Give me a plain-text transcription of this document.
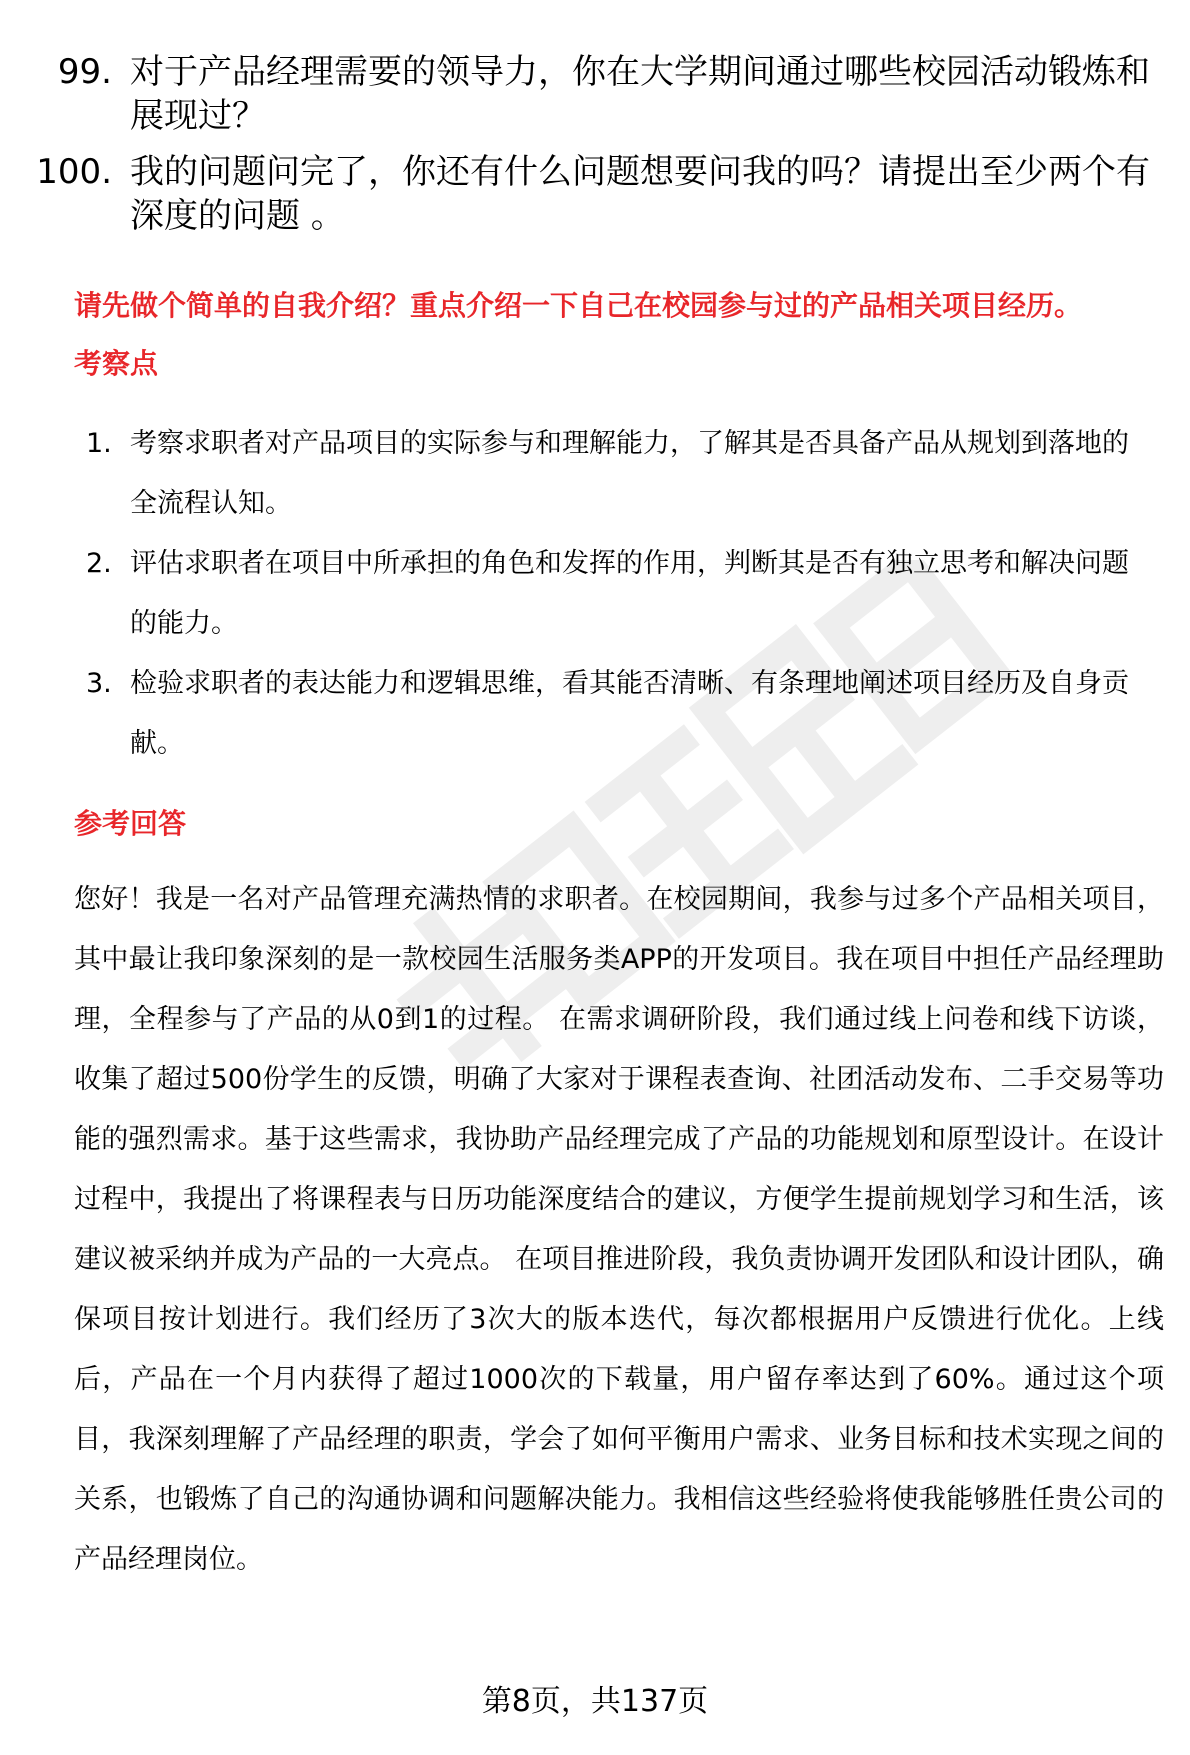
99. 对于产品经理需要的领导力，你在大学期间通过哪些校园活动锻炼和展现过？
100. 我的问题问完了，你还有什么问题想要问我的吗？请提出至少两个有深度的问题 。
请先做个简单的自我介绍？重点介绍一下自己在校园参与过的产品相关项目经历。
考察点
1. 考察求职者对产品项目的实际参与和理解能力，了解其是否具备产品从规划到落地的全流程认知。
2. 评估求职者在项目中所承担的角色和发挥的作用，判断其是否有独立思考和解决问题的能力。
3. 检验求职者的表达能力和逻辑思维，看其能否清晰、有条理地阐述项目经历及自身贡献。
参考回答
您好！我是一名对产品管理充满热情的求职者。在校园期间，我参与过多个产品相关项目，其中最让我印象深刻的是一款校园生活服务类APP的开发项目。我在项目中担任产品经理助理，全程参与了产品的从0到1的过程。 在需求调研阶段，我们通过线上问卷和线下访谈，收集了超过500份学生的反馈，明确了大家对于课程表查询、社团活动发布、二手交易等功能的强烈需求。基于这些需求，我协助产品经理完成了产品的功能规划和原型设计。在设计过程中，我提出了将课程表与日历功能深度结合的建议，方便学生提前规划学习和生活，该建议被采纳并成为产品的一大亮点。 在项目推进阶段，我负责协调开发团队和设计团队，确保项目按计划进行。我们经历了3次大的版本迭代，每次都根据用户反馈进行优化。上线后，产品在一个月内获得了超过1000次的下载量，用户留存率达到了60%。通过这个项目，我深刻理解了产品经理的职责，学会了如何平衡用户需求、业务目标和技术实现之间的关系，也锻炼了自己的沟通协调和问题解决能力。我相信这些经验将使我能够胜任贵公司的产品经理岗位。
第8页，共137页
